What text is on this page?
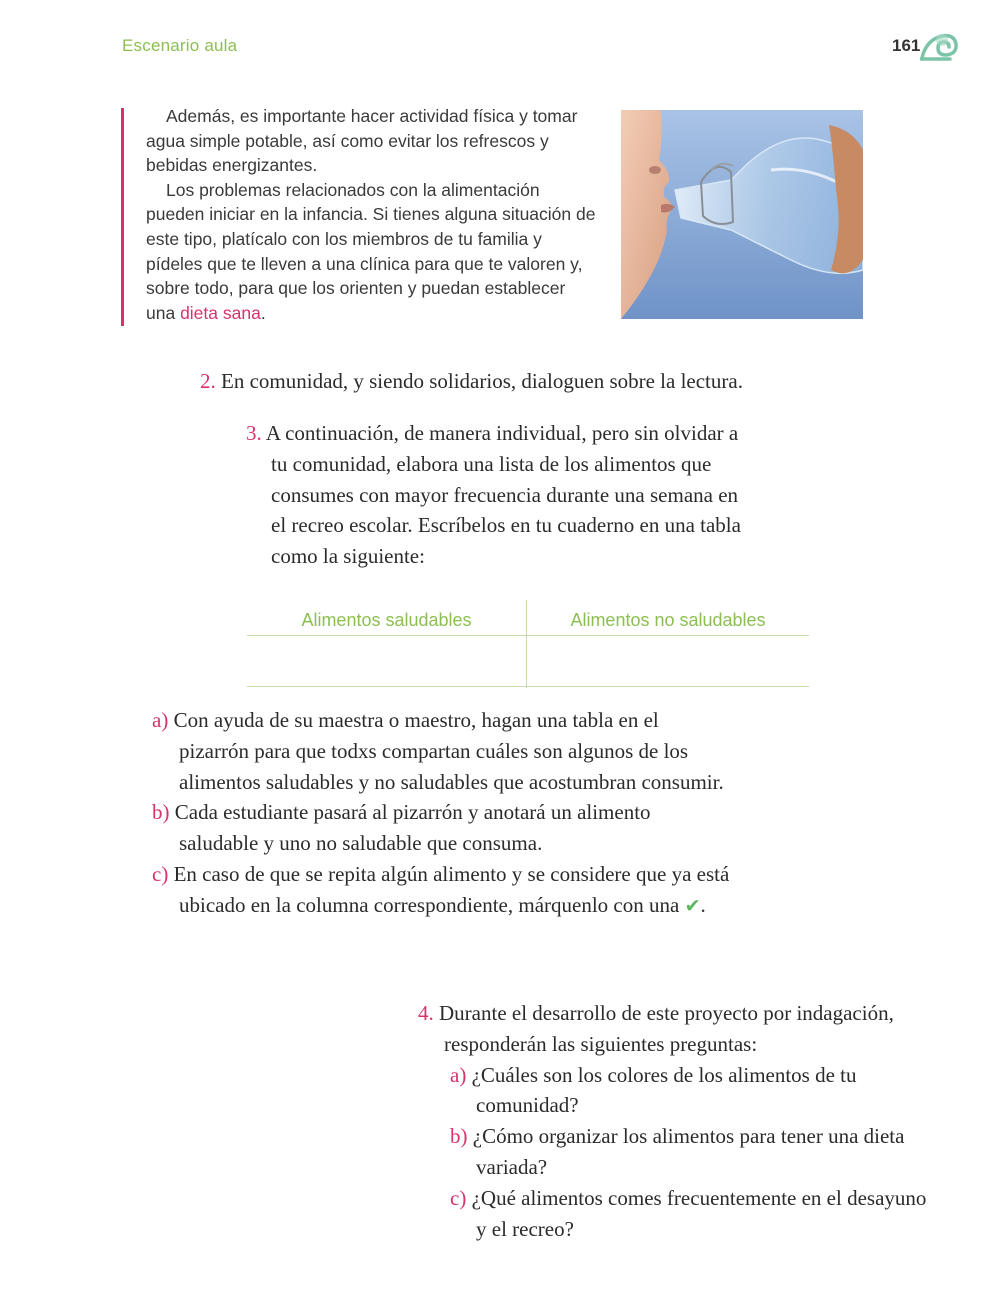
Escenario aula	161
Además, es importante hacer actividad física y tomar agua simple potable, así como evitar los refrescos y bebidas energizantes.
Los problemas relacionados con la alimentación pueden iniciar en la infancia. Si tienes alguna situación de este tipo, platícalo con los miembros de tu familia y pídeles que te lleven a una clínica para que te valoren y, sobre todo, para que los orienten y puedan establecer una dieta sana.
2. En comunidad, y siendo solidarios, dialoguen sobre la lectura.
3. A continuación, de manera individual, pero sin olvidar a tu comunidad, elabora una lista de los alimentos que consumes con mayor frecuencia durante una semana en el recreo escolar. Escríbelos en tu cuaderno en una tabla como la siguiente:
Alimentos saludables	Alimentos no saludables
a) Con ayuda de su maestra o maestro, hagan una tabla en el pizarrón para que todxs compartan cuáles son algunos de los alimentos saludables y no saludables que acostumbran consumir.
b) Cada estudiante pasará al pizarrón y anotará un alimento saludable y uno no saludable que consuma.
c) En caso de que se repita algún alimento y se considere que ya está ubicado en la columna correspondiente, márquenlo con una ✔.
4. Durante el desarrollo de este proyecto por indagación, responderán las siguientes preguntas:
a) ¿Cuáles son los colores de los alimentos de tu comunidad?
b) ¿Cómo organizar los alimentos para tener una dieta variada?
c) ¿Qué alimentos comes frecuentemente en el desayuno y el recreo?
